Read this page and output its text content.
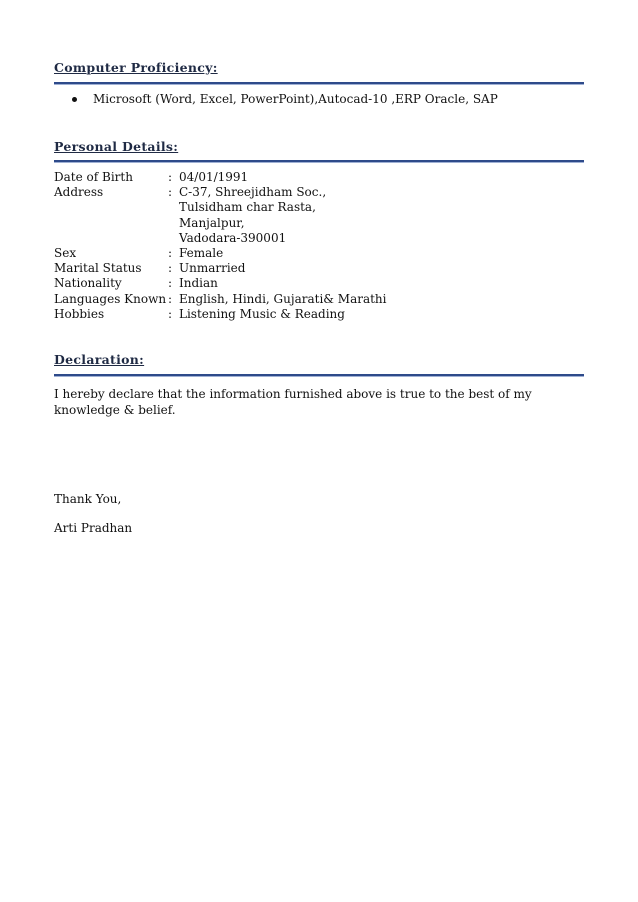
Computer Proficiency:
Microsoft (Word, Excel, PowerPoint),Autocad-10 ,ERP Oracle, SAP
Personal Details:
Date of Birth	: 04/01/1991
Address	: C-37, Shreejidham Soc.,
Tulsidham char Rasta,
Manjalpur,
Vadodara-390001
Sex	: Female
Marital Status	: Unmarried
Nationality	: Indian
Languages Known : English, Hindi, Gujarati& Marathi
Hobbies	: Listening Music & Reading
Declaration:
I hereby declare that the information furnished above is true to the best of my knowledge & belief.
Thank You,
Arti Pradhan
